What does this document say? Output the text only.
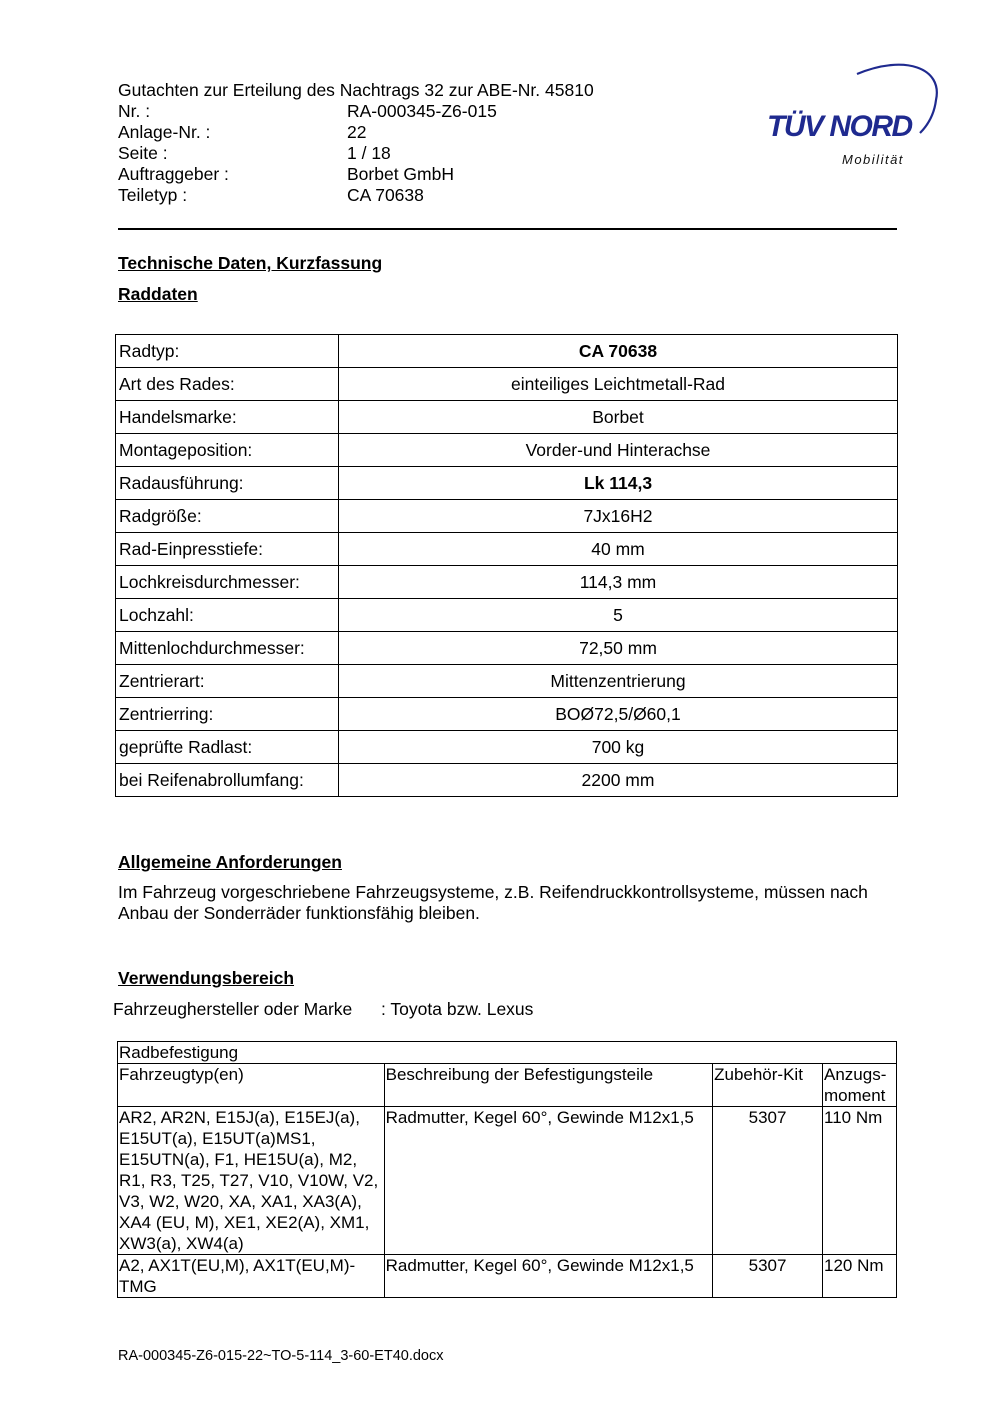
Gutachten zur Erteilung des Nachtrags 32 zur ABE-Nr. 45810
Nr. :	RA-000345-Z6-015
Anlage-Nr. :	22
Seite :	1 / 18
Auftraggeber :	Borbet GmbH
Teiletyp :	CA 70638
TÜV NORD
Mobilität
Technische Daten, Kurzfassung
Raddaten
Radtyp:	CA 70638
Art des Rades:	einteiliges Leichtmetall-Rad
Handelsmarke:	Borbet
Montageposition:	Vorder-und Hinterachse
Radausführung:	Lk 114,3
Radgröße:	7Jx16H2
Rad-Einpresstiefe:	40 mm
Lochkreisdurchmesser:	114,3 mm
Lochzahl:	5
Mittenlochdurchmesser:	72,50 mm
Zentrierart:	Mittenzentrierung
Zentrierring:	BOØ72,5/Ø60,1
geprüfte Radlast:	700 kg
bei Reifenabrollumfang:	2200 mm
Allgemeine Anforderungen
Im Fahrzeug vorgeschriebene Fahrzeugsysteme, z.B. Reifendruckkontrollsysteme, müssen nach Anbau der Sonderräder funktionsfähig bleiben.
Verwendungsbereich
Fahrzeughersteller oder Marke : Toyota bzw. Lexus
Radbefestigung			
Fahrzeugtyp(en)	Beschreibung der Befestigungsteile	Zubehör-Kit	Anzugs-moment
AR2, AR2N, E15J(a), E15EJ(a), E15UT(a), E15UT(a)MS1, E15UTN(a), F1, HE15U(a), M2, R1, R3, T25, T27, V10, V10W, V2, V3, W2, W20, XA, XA1, XA3(A), XA4 (EU, M), XE1, XE2(A), XM1, XW3(a), XW4(a)	Radmutter, Kegel 60°, Gewinde M12x1,5	5307	110 Nm
A2, AX1T(EU,M), AX1T(EU,M)-TMG	Radmutter, Kegel 60°, Gewinde M12x1,5	5307	120 Nm
RA-000345-Z6-015-22~TO-5-114_3-60-ET40.docx
